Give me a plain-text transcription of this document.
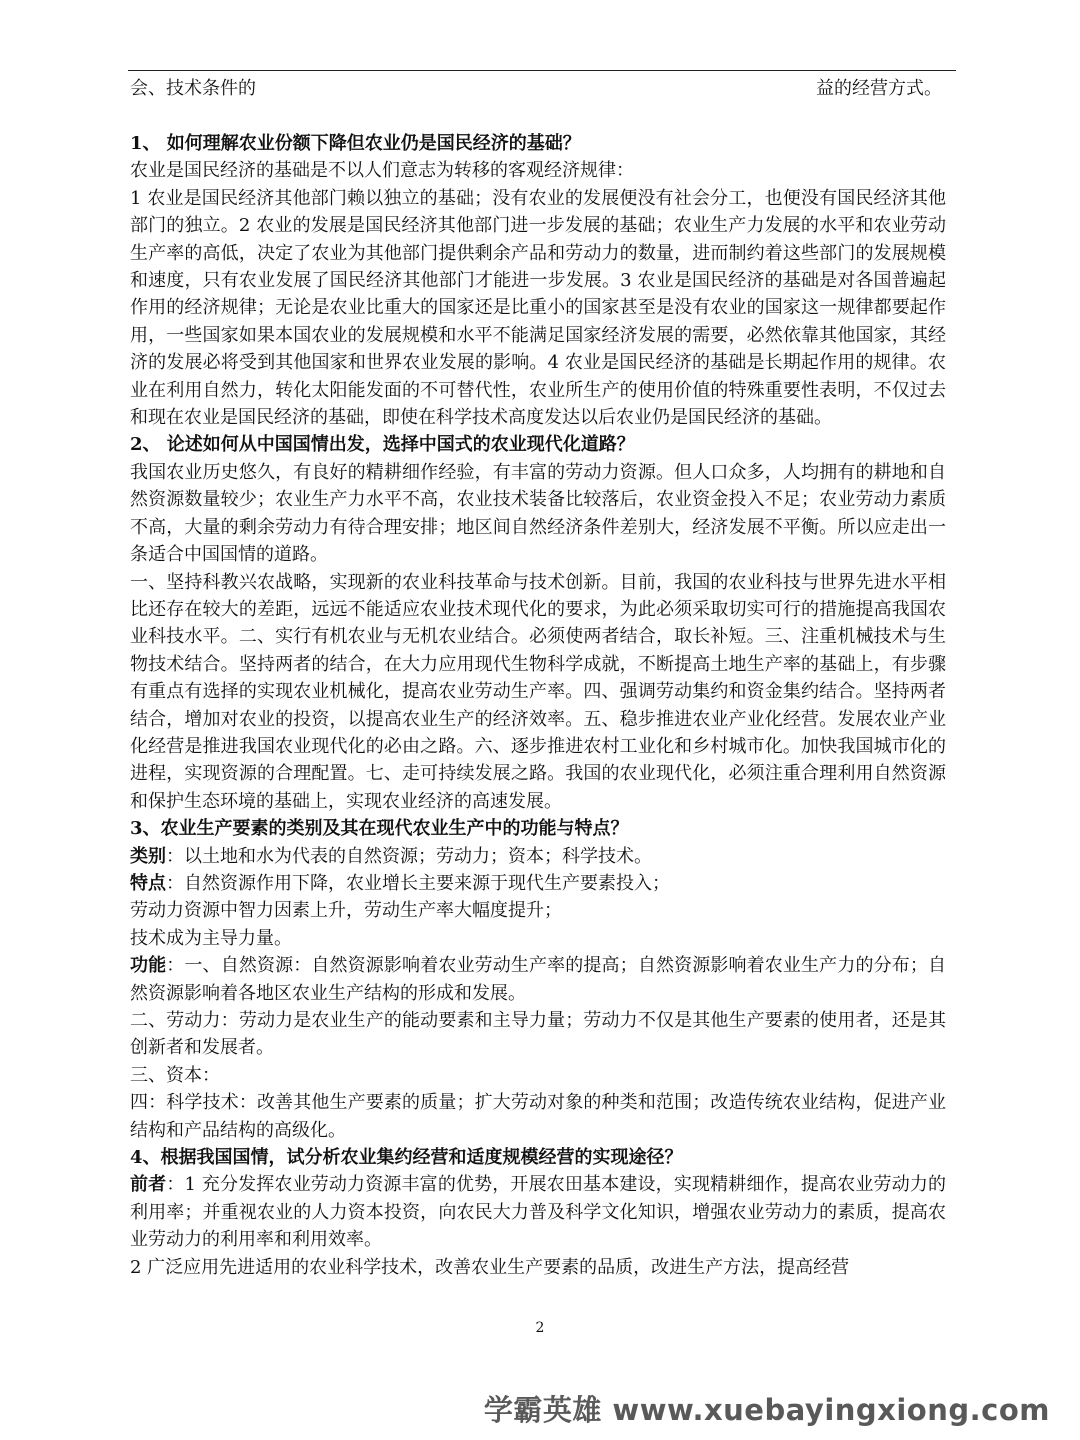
会、技术条件的	益的经营方式。

1、 如何理解农业份额下降但农业仍是国民经济的基础？

农业是国民经济的基础是不以人们意志为转移的客观经济规律：

1 农业是国民经济其他部门赖以独立的基础；没有农业的发展便没有社会分工，也便没有国民经济其他部门的独立。2 农业的发展是国民经济其他部门进一步发展的基础；农业生产力发展的水平和农业劳动生产率的高低，决定了农业为其他部门提供剩余产品和劳动力的数量，进而制约着这些部门的发展规模和速度，只有农业发展了国民经济其他部门才能进一步发展。3 农业是国民经济的基础是对各国普遍起作用的经济规律；无论是农业比重大的国家还是比重小的国家甚至是没有农业的国家这一规律都要起作用，一些国家如果本国农业的发展规模和水平不能满足国家经济发展的需要，必然依靠其他国家，其经济的发展必将受到其他国家和世界农业发展的影响。4 农业是国民经济的基础是长期起作用的规律。农业在利用自然力，转化太阳能发面的不可替代性，农业所生产的使用价值的特殊重要性表明，不仅过去和现在农业是国民经济的基础，即使在科学技术高度发达以后农业仍是国民经济的基础。

2、 论述如何从中国国情出发，选择中国式的农业现代化道路？

我国农业历史悠久，有良好的精耕细作经验，有丰富的劳动力资源。但人口众多，人均拥有的耕地和自然资源数量较少；农业生产力水平不高，农业技术装备比较落后，农业资金投入不足；农业劳动力素质不高，大量的剩余劳动力有待合理安排；地区间自然经济条件差别大，经济发展不平衡。所以应走出一条适合中国国情的道路。

一、坚持科教兴农战略，实现新的农业科技革命与技术创新。目前，我国的农业科技与世界先进水平相比还存在较大的差距，远远不能适应农业技术现代化的要求，为此必须采取切实可行的措施提高我国农业科技水平。二、实行有机农业与无机农业结合。必须使两者结合，取长补短。三、注重机械技术与生物技术结合。坚持两者的结合，在大力应用现代生物科学成就，不断提高土地生产率的基础上，有步骤有重点有选择的实现农业机械化，提高农业劳动生产率。四、强调劳动集约和资金集约结合。坚持两者结合，增加对农业的投资，以提高农业生产的经济效率。五、稳步推进农业产业化经营。发展农业产业化经营是推进我国农业现代化的必由之路。六、逐步推进农村工业化和乡村城市化。加快我国城市化的进程，实现资源的合理配置。七、走可持续发展之路。我国的农业现代化，必须注重合理利用自然资源和保护生态环境的基础上，实现农业经济的高速发展。

3、农业生产要素的类别及其在现代农业生产中的功能与特点？

类别：以土地和水为代表的自然资源；劳动力；资本；科学技术。

特点：自然资源作用下降，农业增长主要来源于现代生产要素投入；

劳动力资源中智力因素上升，劳动生产率大幅度提升；

技术成为主导力量。

功能：一、自然资源：自然资源影响着农业劳动生产率的提高；自然资源影响着农业生产力的分布；自然资源影响着各地区农业生产结构的形成和发展。

二、劳动力：劳动力是农业生产的能动要素和主导力量；劳动力不仅是其他生产要素的使用者，还是其创新者和发展者。

三、资本：

四：科学技术：改善其他生产要素的质量；扩大劳动对象的种类和范围；改造传统农业结构，促进产业结构和产品结构的高级化。

4、根据我国国情，试分析农业集约经营和适度规模经营的实现途径？

前者：1 充分发挥农业劳动力资源丰富的优势，开展农田基本建设，实现精耕细作，提高农业劳动力的利用率；并重视农业的人力资本投资，向农民大力普及科学文化知识，增强农业劳动力的素质，提高农业劳动力的利用率和利用效率。

2 广泛应用先进适用的农业科学技术，改善农业生产要素的品质，改进生产方法，提高经营

2
学霸英雄 www.xuebayingxiong.com
